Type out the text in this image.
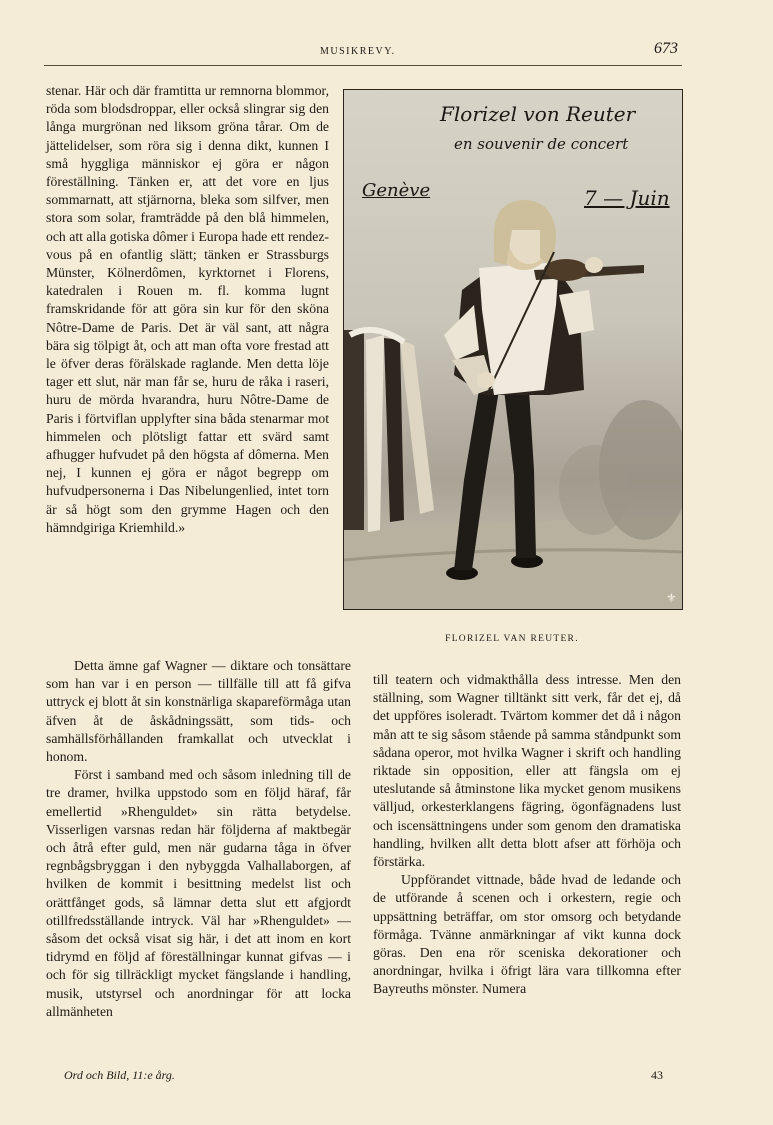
MUSIKREVY.	673

stenar. Här och där framtitta ur remnorna blommor, röda som blodsdroppar, eller också slingrar sig den långa murgrönan ned liksom gröna tårar. Om de jättelidelser, som röra sig i denna dikt, kunnen I små hyggliga människor ej göra er någon föreställning. Tänken er, att det vore en ljus sommarnatt, att stjärnorna, bleka som silfver, men stora som solar, framträdde på den blå himmelen, och att alla gotiska dômer i Europa hade ett rendez-vous på en ofantlig slätt; tänken er Strassburgs Münster, Kölnerdômen, kyrktornet i Florens, katedralen i Rouen m. fl. komma lugnt framskridande för att göra sin kur för den sköna Nôtre-Dame de Paris. Det är väl sant, att några bära sig tölpigt åt, och att man ofta vore frestad att le öfver deras förälskade raglande. Men detta löje tager ett slut, när man får se, huru de råka i raseri, huru de mörda hvarandra, huru Nôtre-Dame de Paris i förtviflan upplyfter sina båda stenarmar mot himmelen och plötsligt fattar ett svärd samt afhugger hufvudet på den högsta af dômerna. Men nej, I kunnen ej göra er något begrepp om hufvudpersonerna i Das Nibelungenlied, intet torn är så högt som den grymme Hagen och den hämndgiriga Kriemhild.»

⚜
Florizel von Reuter
en souvenir de concert
Genève	7 — Juin
FLORIZEL VAN REUTER.

Detta ämne gaf Wagner — diktare och tonsättare som han var i en person — tillfälle till att få gifva uttryck ej blott åt sin konstnärliga skapareförmåga utan äfven åt de åskådningssätt, som tids- och samhällsförhållanden framkallat och utvecklat i honom.

Först i samband med och såsom inledning till de tre dramer, hvilka uppstodo som en följd häraf, får emellertid »Rhenguldet» sin rätta betydelse. Visserligen varsnas redan här följderna af maktbegär och åtrå efter guld, men när gudarna tåga in öfver regnbågsbryggan i den nybyggda Valhallaborgen, af hvilken de kommit i besittning medelst list och orättfånget gods, så lämnar detta slut ett afgjordt otillfredsställande intryck. Väl har »Rhenguldet» — såsom det också visat sig här, i det att inom en kort tidrymd en följd af föreställningar kunnat gifvas — i och för sig tillräckligt mycket fängslande i handling, musik, utstyrsel och anordningar för att locka allmänheten

till teatern och vidmakthålla dess intresse. Men den ställning, som Wagner tilltänkt sitt verk, får det ej, då det uppföres isoleradt. Tvärtom kommer det då i någon mån att te sig såsom stående på samma ståndpunkt som sådana operor, mot hvilka Wagner i skrift och handling riktade sin opposition, eller att fängsla om ej uteslutande så åtminstone lika mycket genom musikens välljud, orkesterklangens fägring, ögonfägnadens lust och iscensättningens under som genom den dramatiska handling, hvilken allt detta blott afser att förhöja och förstärka.

Uppförandet vittnade, både hvad de ledande och de utförande å scenen och i orkestern, regie och uppsättning beträffar, om stor omsorg och betydande förmåga. Tvänne anmärkningar af vikt kunna dock göras. Den ena rör sceniska dekorationer och anordningar, hvilka i öfrigt lära vara tillkomna efter Bayreuths mönster. Numera

Ord och Bild, 11:e årg.	43
